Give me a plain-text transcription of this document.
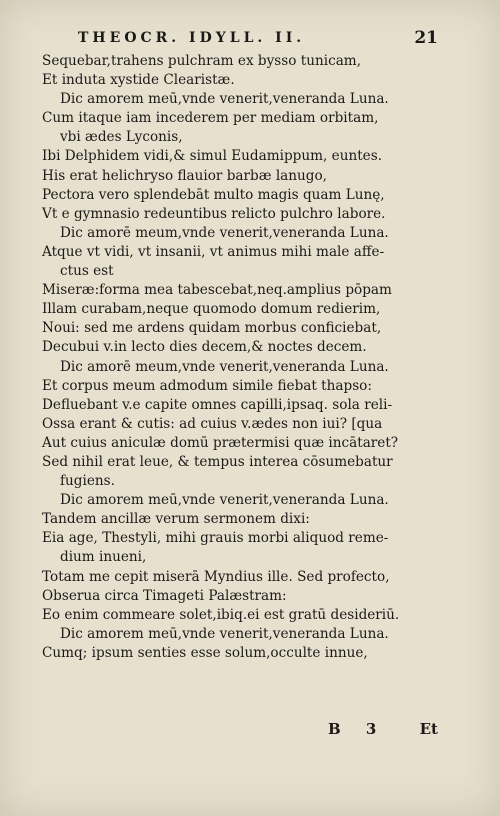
THEOCR. IDYLL. II.	21
Sequebar,trahens pulchram ex bysso tunicam,
Et induta xystide Clearistæ.
Dic amorem meū,vnde venerit,veneranda Luna.
Cum itaque iam incederem per mediam orbitam,
vbi ædes Lyconis,
Ibi Delphidem vidi,& simul Eudamippum, euntes.
His erat helichryso flauior barbæ lanugo,
Pectora vero splendebāt multo magis quam Lunę,
Vt e gymnasio redeuntibus relicto pulchro labore.
Dic amorē meum,vnde venerit,veneranda Luna.
Atque vt vidi, vt insanii, vt animus mihi male affe-
ctus est
Miseræ:forma mea tabescebat,neq.amplius pōpam
Illam curabam,neque quomodo domum redierim,
Noui: sed me ardens quidam morbus conficiebat,
Decubui v.in lecto dies decem,& noctes decem.
Dic amorē meum,vnde venerit,veneranda Luna.
Et corpus meum admodum simile fiebat thapso:
Defluebant v.e capite omnes capilli,ipsaq. sola reli-
Ossa erant & cutis: ad cuius v.ædes non iui? [qua
Aut cuius aniculæ domū prætermisi quæ incātaret?
Sed nihil erat leue, & tempus interea cōsumebatur
fugiens.
Dic amorem meū,vnde venerit,veneranda Luna.
Tandem ancillæ verum sermonem dixi:
Eia age, Thestyli, mihi grauis morbi aliquod reme-
dium inueni,
Totam me cepit miserā Myndius ille. Sed profecto,
Obserua circa Timageti Palæstram:
Eo enim commeare solet,ibiq.ei est gratū desideriū.
Dic amorem meū,vnde venerit,veneranda Luna.
Cumq; ipsum senties esse solum,occulte innue,
B 3 Et
